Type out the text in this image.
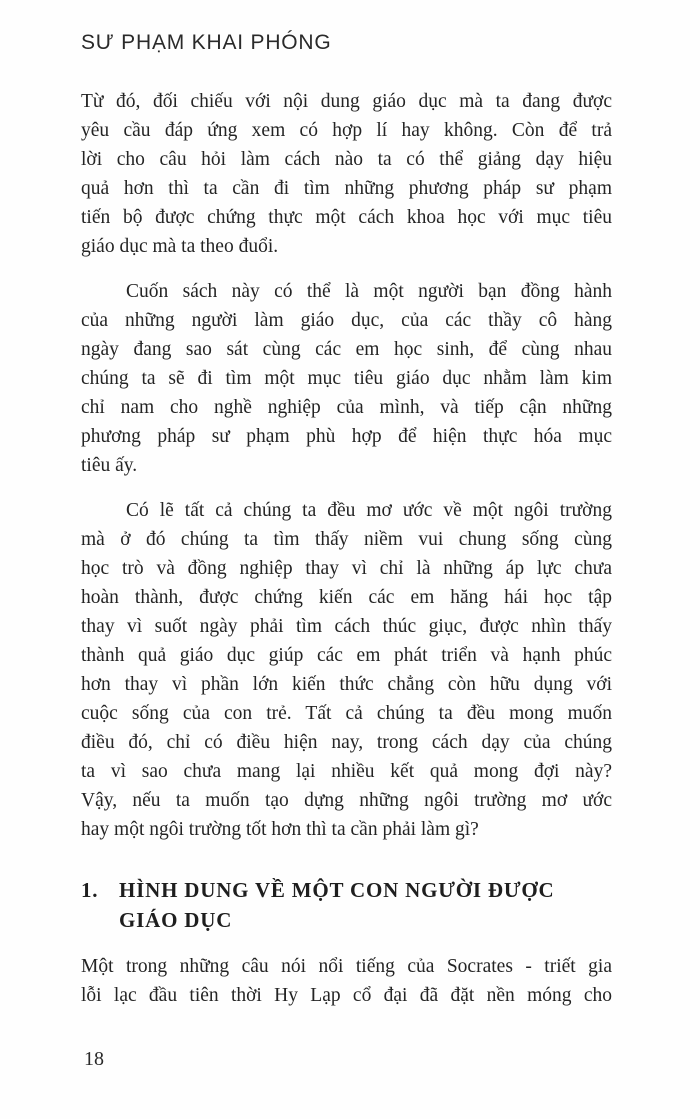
SƯ PHẠM KHAI PHÓNG
Từ đó, đối chiếu với nội dung giáo dục mà ta đang được
yêu cầu đáp ứng xem có hợp lí hay không. Còn để trả
lời cho câu hỏi làm cách nào ta có thể giảng dạy hiệu
quả hơn thì ta cần đi tìm những phương pháp sư phạm
tiến bộ được chứng thực một cách khoa học với mục tiêu
giáo dục mà ta theo đuổi.
Cuốn sách này có thể là một người bạn đồng hành
của những người làm giáo dục, của các thầy cô hàng
ngày đang sao sát cùng các em học sinh, để cùng nhau
chúng ta sẽ đi tìm một mục tiêu giáo dục nhằm làm kim
chỉ nam cho nghề nghiệp của mình, và tiếp cận những
phương pháp sư phạm phù hợp để hiện thực hóa mục
tiêu ấy.
Có lẽ tất cả chúng ta đều mơ ước về một ngôi trường
mà ở đó chúng ta tìm thấy niềm vui chung sống cùng
học trò và đồng nghiệp thay vì chỉ là những áp lực chưa
hoàn thành, được chứng kiến các em hăng hái học tập
thay vì suốt ngày phải tìm cách thúc giục, được nhìn thấy
thành quả giáo dục giúp các em phát triển và hạnh phúc
hơn thay vì phần lớn kiến thức chẳng còn hữu dụng với
cuộc sống của con trẻ. Tất cả chúng ta đều mong muốn
điều đó, chỉ có điều hiện nay, trong cách dạy của chúng
ta vì sao chưa mang lại nhiều kết quả mong đợi này?
Vậy, nếu ta muốn tạo dựng những ngôi trường mơ ước
hay một ngôi trường tốt hơn thì ta cần phải làm gì?
1. HÌNH DUNG VỀ MỘT CON NGƯỜI ĐƯỢC
GIÁO DỤC
Một trong những câu nói nổi tiếng của Socrates - triết gia
lỗi lạc đầu tiên thời Hy Lạp cổ đại đã đặt nền móng cho
18
